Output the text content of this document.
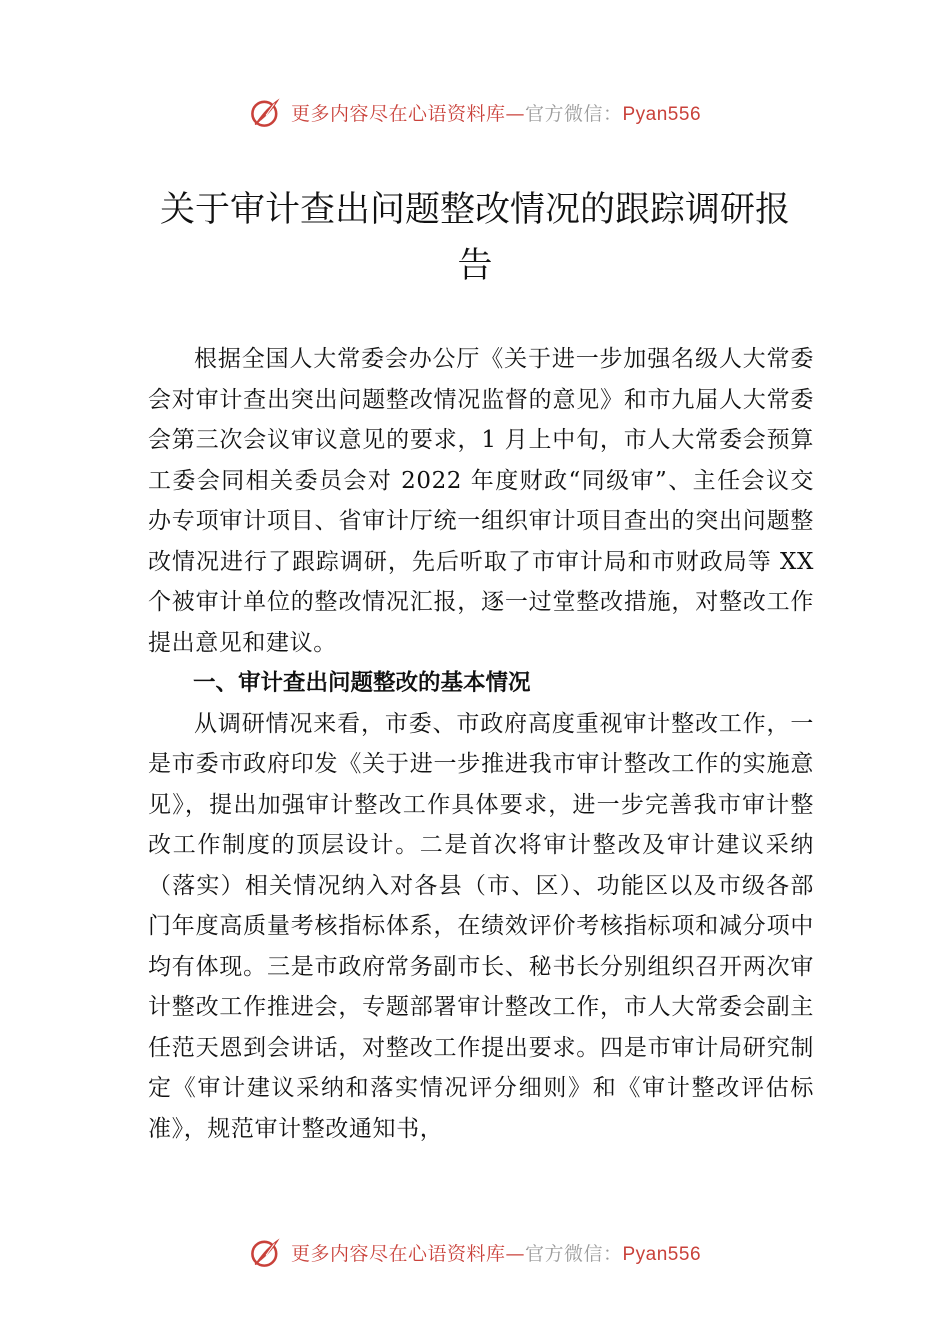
更多内容尽在心语资料库—官方微信：Pyan556
关于审计查出问题整改情况的跟踪调研报告

根据全国人大常委会办公厅《关于进一步加强名级人大常委会对审计查出突出问题整改情况监督的意见》和市九届人大常委会第三次会议审议意见的要求，1 月上中旬，市人大常委会预算工委会同相关委员会对 2022 年度财政“同级审”、主任会议交办专项审计项目、省审计厅统一组织审计项目查出的突出问题整改情况进行了跟踪调研，先后听取了市审计局和市财政局等 XX 个被审计单位的整改情况汇报，逐一过堂整改措施，对整改工作提出意见和建议。

一、审计查出问题整改的基本情况

从调研情况来看，市委、市政府高度重视审计整改工作，一是市委市政府印发《关于进一步推进我市审计整改工作的实施意见》，提出加强审计整改工作具体要求，进一步完善我市审计整改工作制度的顶层设计。二是首次将审计整改及审计建议采纳（落实）相关情况纳入对各县（市、区）、功能区以及市级各部门年度高质量考核指标体系，在绩效评价考核指标项和减分项中均有体现。三是市政府常务副市长、秘书长分别组织召开两次审计整改工作推进会，专题部署审计整改工作，市人大常委会副主任范天恩到会讲话，对整改工作提出要求。四是市审计局研究制定《审计建议采纳和落实情况评分细则》和《审计整改评估标准》，规范审计整改通知书，

更多内容尽在心语资料库—官方微信：Pyan556
